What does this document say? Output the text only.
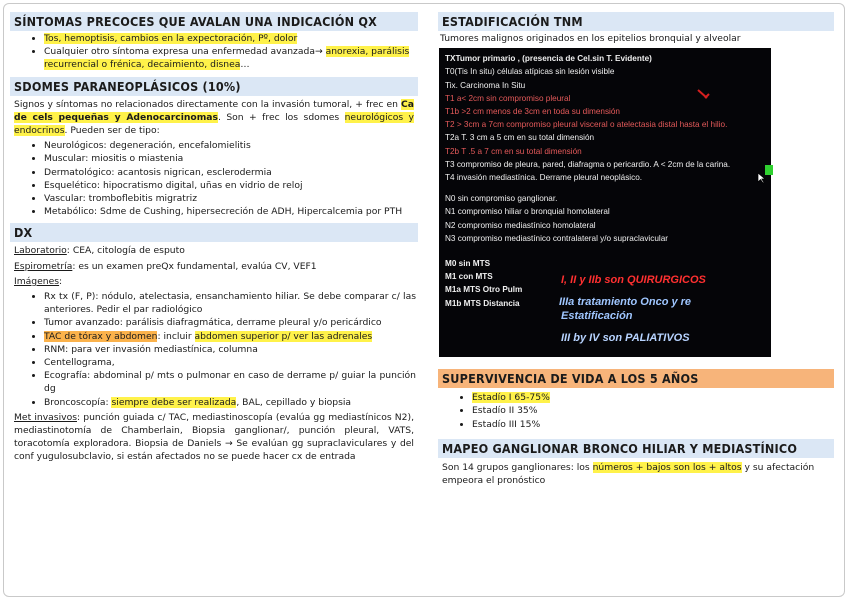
SÍNTOMAS PRECOCES QUE AVALAN UNA INDICACIÓN QX
• Tos, hemoptisis, cambios en la expectoración, Pº, dolor
• Cualquier otro síntoma expresa una enfermedad avanzada→ anorexia, parálisis recurrencial o frénica, decaimiento, disnea…
SDOMES PARANEOPLÁSICOS (10%)

Signos y síntomas no relacionados directamente con la invasión tumoral, + frec en Ca de cels pequeñas y Adenocarcinomas. Son + frec los sdomes neurológicos y endocrinos. Pueden ser de tipo:

• Neurológicos: degeneración, encefalomielitis
• Muscular: miositis o miastenia
• Dermatológico: acantosis nigrican, esclerodermia
• Esquelético: hipocratismo digital, uñas en vidrio de reloj
• Vascular: tromboflebitis migratriz
• Metabólico: Sdme de Cushing, hipersecreción de ADH, Hipercalcemia por PTH
DX

Laboratorio: CEA, citología de esputo

Espirometría: es un examen preQx fundamental, evalúa CV, VEF1

Imágenes:

• Rx tx (F, P): nódulo, atelectasia, ensanchamiento hiliar. Se debe comparar c/ las anteriores. Pedir el par radiológico
• Tumor avanzado: parálisis diafragmática, derrame pleural y/o pericárdico
• TAC de tórax y abdomen: incluir abdomen superior p/ ver las adrenales
• RNM: para ver invasión mediastínica, columna
• Centellograma,
• Ecografía: abdominal p/ mts o pulmonar en caso de derrame p/ guiar la punción dg
• Broncoscopía: siempre debe ser realizada, BAL, cepillado y biopsia

Met invasivos: punción guiada c/ TAC, mediastinoscopía (evalúa gg mediastínicos N2), mediastinotomía de Chamberlain, Biopsia ganglionar/, punción pleural, VATS, toracotomía exploradora. Biopsia de Daniels → Se evalúan gg supraclaviculares y del conf yugulosubclavio, si están afectados no se puede hacer cx de entrada

ESTADIFICACIÓN TNM

Tumores malignos originados en los epitelios bronquial y alveolar

TXTumor primario , (presencia de Cel.sin T. Evidente)
T0(Tis In situ) células atípicas sin lesión visible
Tix. Carcinoma In Situ
T1 a< 2cm sin compromiso pleural
T1b >2 cm menos de 3cm en toda su dimensión
T2 > 3cm a 7cm compromiso pleural visceral o atelectasia distal hasta el hilio.
T2a T. 3 cm a 5 cm en su total dimensión
T2b T .5 a 7 cm en su total dimensión
T3 compromiso de pleura, pared, diafragma o pericardio. A < 2cm de la carina.
T4 invasión mediastínica. Derrame pleural neoplásico.
N0 sin compromiso ganglionar.
N1 compromiso hiliar o bronquial homolateral
N2 compromiso mediastínico homolateral
N3 compromiso mediastínico contralateral y/o supraclavicular
M0 sin MTS
M1 con MTS
M1a MTS Otro Pulm
M1b MTS Distancia
I, II y IIb son QUIRURGICOS
IIIa tratamiento Onco y re
Estatificación
III by IV son PALIATIVOS
SUPERVIVENCIA DE VIDA A LOS 5 AÑOS
• Estadío I 65-75%
• Estadío II 35%
• Estadío III 15%
MAPEO GANGLIONAR BRONCO HILIAR Y MEDIASTÍNICO

Son 14 grupos ganglionares: los números + bajos son los + altos y su afectación empeora el pronóstico
